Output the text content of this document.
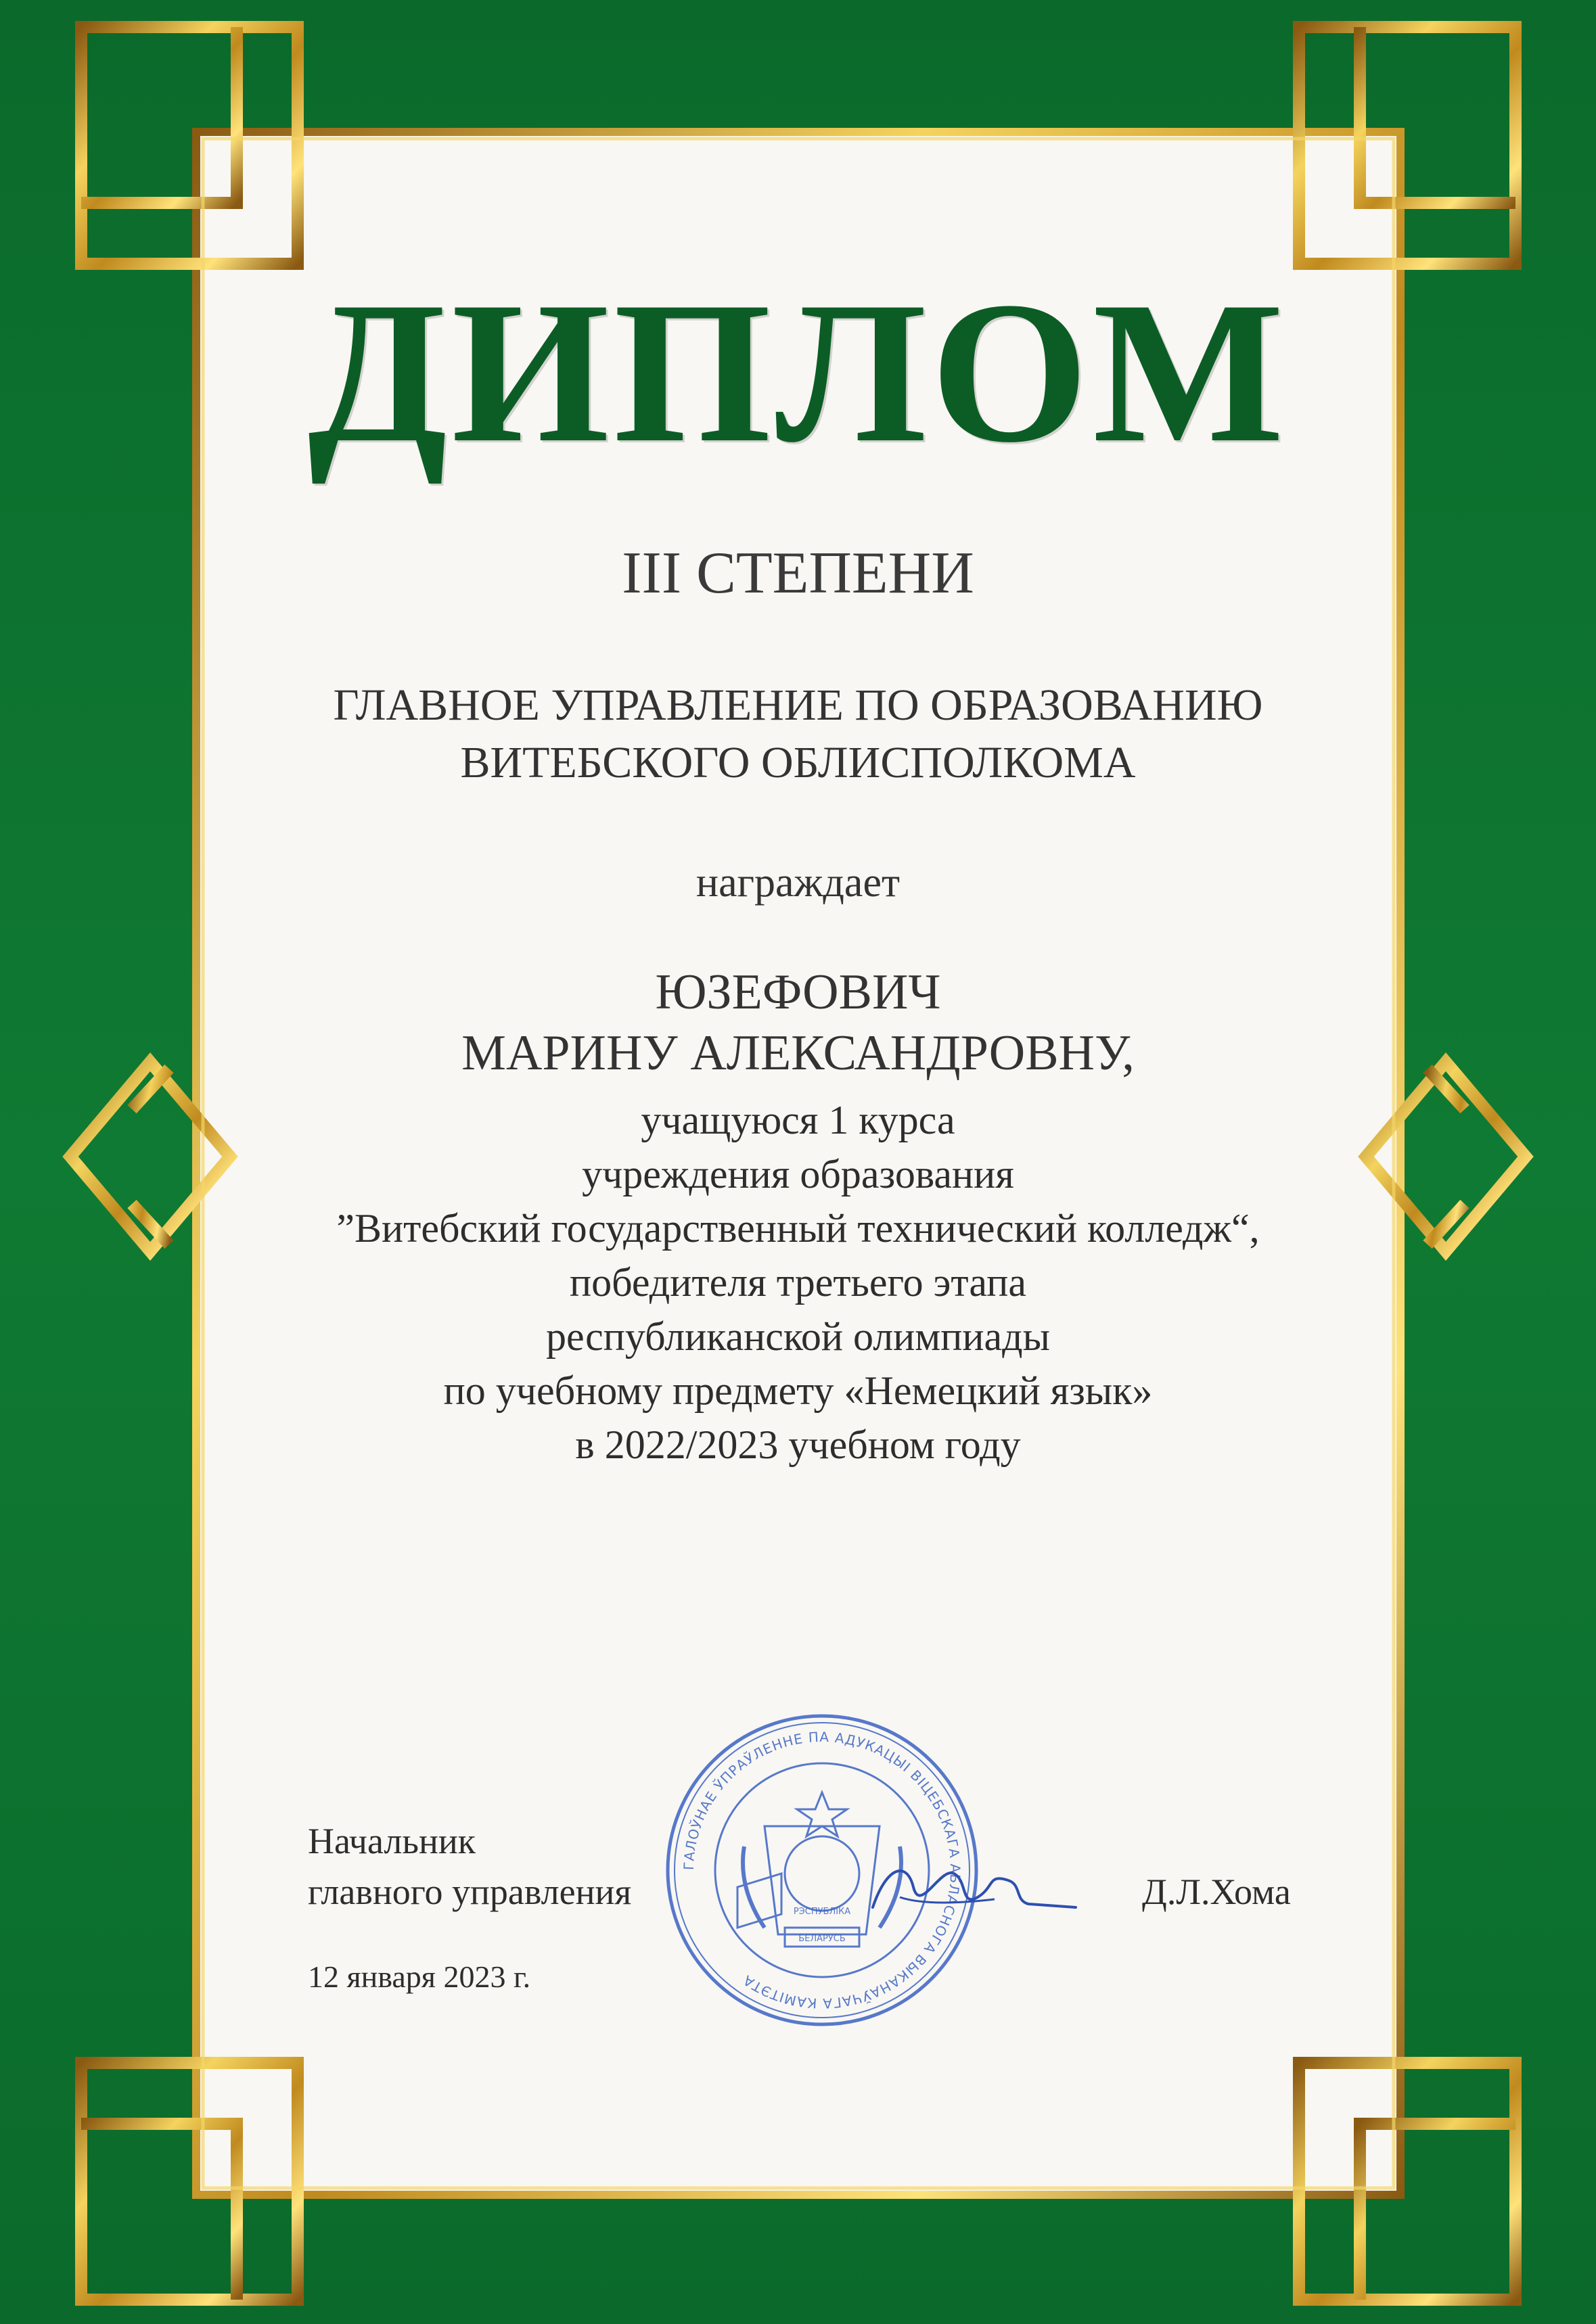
ДИПЛОМ
III СТЕПЕНИ
ГЛАВНОЕ УПРАВЛЕНИЕ ПО ОБРАЗОВАНИЮ
ВИТЕБСКОГО ОБЛИСПОЛКОМА
награждает
ЮЗЕФОВИЧ
МАРИНУ АЛЕКСАНДРОВНУ,
учащуюся 1 курса
учреждения образования
”Витебский государственный технический колледж“,
победителя третьего этапа
республиканской олимпиады
по учебному предмету «Немецкий язык»
в 2022/2023 учебном году
Начальник
главного управления	Д.Л.Хома
12 января 2023 г.
ГАЛОЎНАЕ ЎПРАЎЛЕННЕ ПА АДУКАЦЫІ ВІЦЕБСКАГА АБЛАСНОГА ВЫКАНАЎЧАГА КАМІТЭТА
РЭСПУБЛІКА
БЕЛАРУСЬ
